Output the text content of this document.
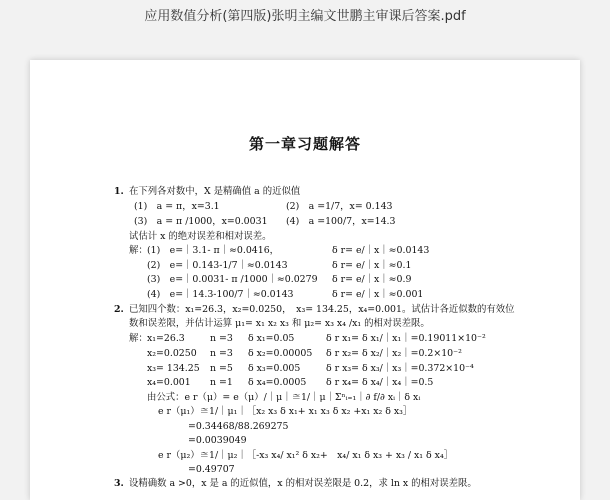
应用数值分析(第四版)张明主编文世鹏主审课后答案.pdf
第一章习题解答
1. 在下列各对数中，X 是精确值 a 的近似值
(1)　a = π，x=3.1	(2)　a =1/7，x= 0.143
(3)　a = π /1000，x=0.0031 (4)　a =100/7，x=14.3
试估计 x 的绝对误差和相对误差。
解： (1)　e=｜3.1- π｜≈0.0416，	δ r= e/｜x｜≈0.0143
(2)　e=｜0.143-1/7｜≈0.0143	δ r= e/｜x｜≈0.1
(3)　e=｜0.0031- π /1000｜≈0.0279 δ r= e/｜x｜≈0.9
(4)　e=｜14.3-100/7｜≈0.0143	δ r= e/｜x｜≈0.001
2. 已知四个数：x₁=26.3，x₂=0.0250，　x₃= 134.25，x₄=0.001。试估计各近似数的有效位
数和误差限，并估计运算 μ₁= x₁ x₂ x₃ 和 μ₂= x₃ x₄ /x₁ 的相对误差限。
解： x₁=26.3	n =3 δ x₁=0.05	δ r x₁= δ x₁/｜x₁｜=0.19011×10⁻²
x₂=0.0250 n =3 δ x₂=0.00005 δ r x₂= δ x₂/｜x₂｜=0.2×10⁻²
x₃= 134.25 n =5 δ x₃=0.005	δ r x₃= δ x₃/｜x₃｜=0.372×10⁻⁴
x₄=0.001 n =1 δ x₄=0.0005 δ r x₄= δ x₄/｜x₄｜=0.5
由公式：e r（μ）= e（μ）/｜μ｜≅1/｜μ｜Σⁿᵢ₌₁｜∂ f/∂ xᵢ｜δ xᵢ
e r（μ₁）≅1/｜μ₁｜［x₂ x₃ δ x₁+ x₁ x₃ δ x₂ +x₁ x₂ δ x₃］
=0.34468/88.269275
=0.0039049
e r（μ₂）≅1/｜μ₂｜［-x₃ x₄/ x₁² δ x₂+　x₄/ x₁ δ x₃ + x₃ / x₁ δ x₄］
=0.49707
3. 设精确数 a >0，x 是 a 的近似值，x 的相对误差限是 0.2，求 ln x 的相对误差限。
